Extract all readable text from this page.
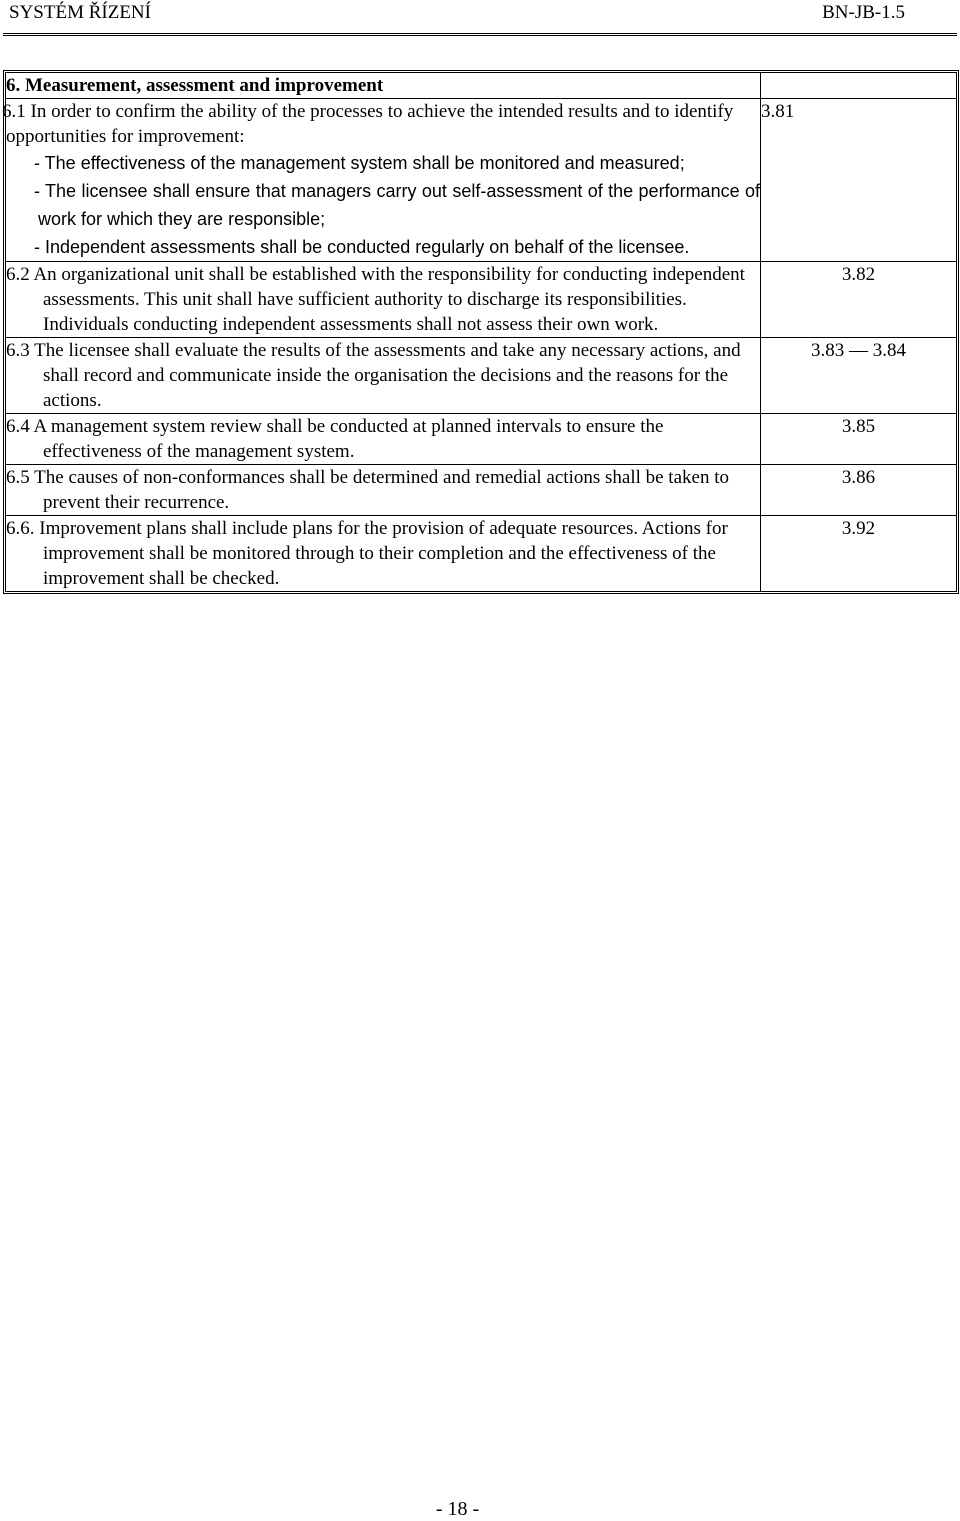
SYSTÉM ŘÍZENÍ	BN-JB-1.5
6. Measurement, assessment and improvement	

6.1 In order to confirm the ability of the processes to achieve the intended results and to identify opportunities for improvement:

- The effectiveness of the management system shall be monitored and measured;

- The licensee shall ensure that managers carry out self-assessment of the performance of work for which they are responsible;

- Independent assessments shall be conducted regularly on behalf of the licensee.	3.81

6.2 An organizational unit shall be established with the responsibility for conducting independent assessments. This unit shall have sufficient authority to discharge its responsibilities. Individuals conducting independent assessments shall not assess their own work.	3.82

6.3 The licensee shall evaluate the results of the assessments and take any necessary actions, and shall record and communicate inside the organisation the decisions and the reasons for the actions.	3.83 — 3.84

6.4 A management system review shall be conducted at planned intervals to ensure the effectiveness of the management system.	3.85

6.5 The causes of non-conformances shall be determined and remedial actions shall be taken to prevent their recurrence.	3.86

6.6. Improvement plans shall include plans for the provision of adequate resources. Actions for improvement shall be monitored through to their completion and the effectiveness of the improvement shall be checked.	3.92
- 18 -
